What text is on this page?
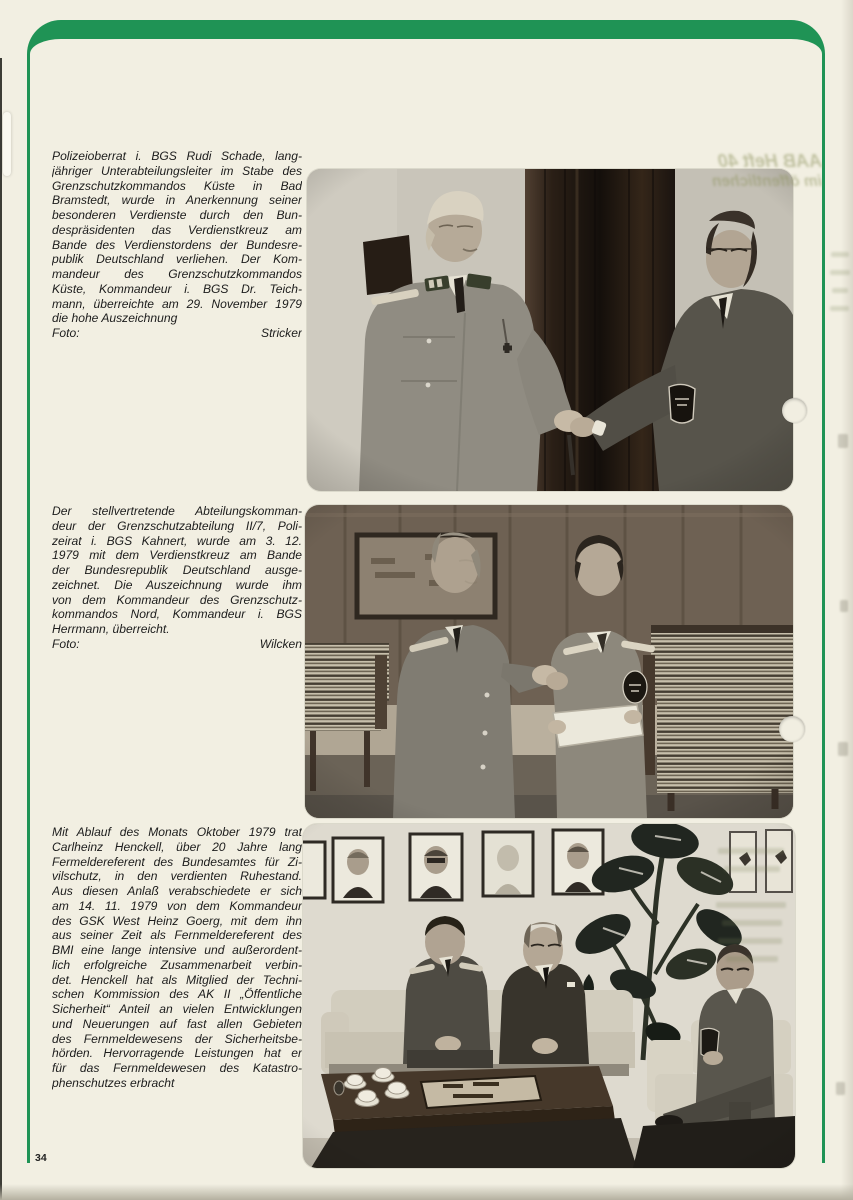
Polizeioberrat i. BGS Rudi Schade, lang-
jähriger Unterabteilungsleiter im Stabe des
Grenzschutzkommandos Küste in Bad
Bramstedt, wurde in Anerkennung seiner
besonderen Verdienste durch den Bun-
despräsidenten das Verdienstkreuz am
Bande des Verdienstordens der Bundesre-
publik Deutschland verliehen. Der Kom-
mandeur des Grenzschutzkommandos
Küste, Kommandeur i. BGS Dr. Teich-
mann, überreichte am 29. November 1979
die hohe Auszeichnung
Foto: Stricker
Der stellvertretende Abteilungskomman-
deur der Grenzschutzabteilung II/7, Poli-
zeirat i. BGS Kahnert, wurde am 3. 12.
1979 mit dem Verdienstkreuz am Bande
der Bundesrepublik Deutschland ausge-
zeichnet. Die Auszeichnung wurde ihm
von dem Kommandeur des Grenzschutz-
kommandos Nord, Kommandeur i. BGS
Herrmann, überreicht.
Foto: Wilcken
Mit Ablauf des Monats Oktober 1979 trat
Carlheinz Henckell, über 20 Jahre lang
Fermeldereferent des Bundesamtes für Zi-
vilschutz, in den verdienten Ruhestand.
Aus diesen Anlaß verabschiedete er sich
am 14. 11. 1979 von dem Kommandeur
des GSK West Heinz Goerg, mit dem ihn
aus seiner Zeit als Fernmeldereferent des
BMI eine lange intensive und außerordent-
lich erfolgreiche Zusammenarbeit verbin-
det. Henckell hat als Mitglied der Techni-
schen Kommission des AK II „Öffentliche
Sicherheit“ Anteil an vielen Entwicklungen
und Neuerungen auf fast allen Gebieten
des Fernmeldewesens der Sicherheitsbe-
hörden. Hervorragende Leistungen hat er
für das Fernmeldewesen des Katastro-
phenschutzes erbracht
AAB Heft 40
im öffentlichen
34
